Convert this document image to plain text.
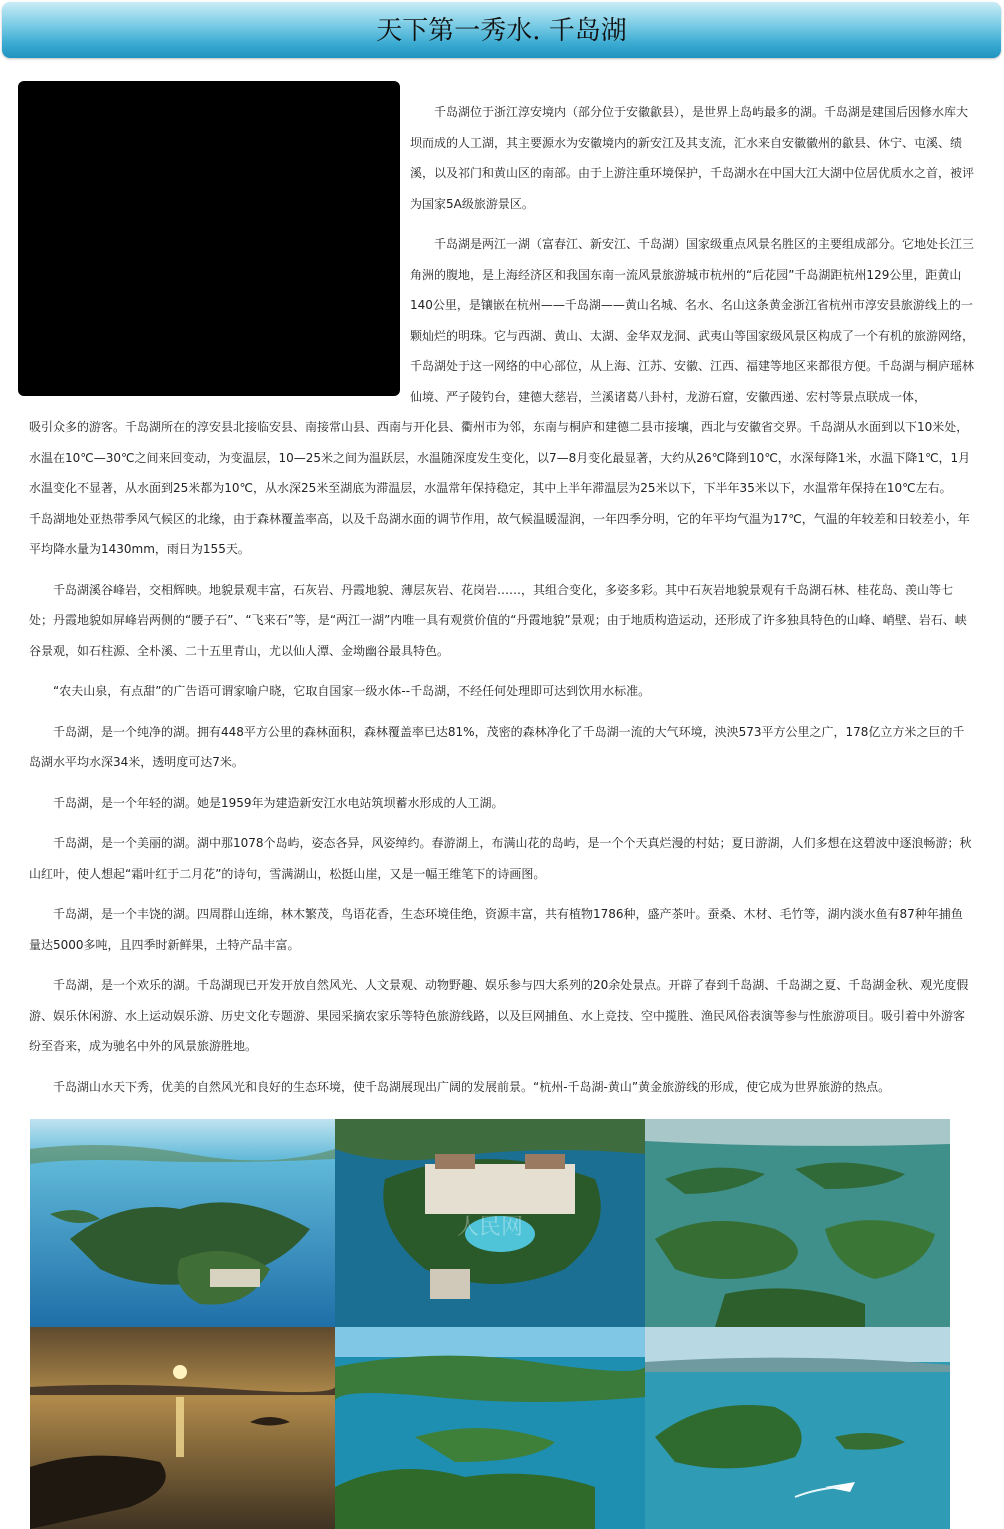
天下第一秀水. 千岛湖

千岛湖位于浙江淳安境内（部分位于安徽歙县），是世界上岛屿最多的湖。千岛湖是建国后因修水库大坝而成的人工湖，其主要源水为安徽境内的新安江及其支流，汇水来自安徽徽州的歙县、休宁、屯溪、绩溪，以及祁门和黄山区的南部。由于上游注重环境保护，千岛湖水在中国大江大湖中位居优质水之首，被评为国家5A级旅游景区。

千岛湖是两江一湖（富春江、新安江、千岛湖）国家级重点风景名胜区的主要组成部分。它地处长江三角洲的腹地，是上海经济区和我国东南一流风景旅游城市杭州的“后花园”千岛湖距杭州129公里，距黄山140公里，是镶嵌在杭州——千岛湖——黄山名城、名水、名山这条黄金浙江省杭州市淳安县旅游线上的一颗灿烂的明珠。它与西湖、黄山、太湖、金华双龙洞、武夷山等国家级风景区构成了一个有机的旅游网络，千岛湖处于这一网络的中心部位，从上海、江苏、安徽、江西、福建等地区来都很方便。千岛湖与桐庐瑶林仙境、严子陵钓台，建德大慈岩，兰溪诸葛八卦村，龙游石窟，安徽西递、宏村等景点联成一体，

吸引众多的游客。千岛湖所在的淳安县北接临安县、南接常山县、西南与开化县、衢州市为邻，东南与桐庐和建德二县市接壤，西北与安徽省交界。千岛湖从水面到以下10米处，水温在10℃—30℃之间来回变动，为变温层，10—25米之间为温跃层，水温随深度发生变化，以7—8月变化最显著，大约从26℃降到10℃，水深每降1米，水温下降1℃，1月水温变化不显著，从水面到25米都为10℃，从水深25米至湖底为滞温层，水温常年保持稳定，其中上半年滞温层为25米以下，下半年35米以下，水温常年保持在10℃左右。　　千岛湖地处亚热带季风气候区的北缘，由于森林覆盖率高，以及千岛湖水面的调节作用，故气候温暖湿润，一年四季分明，它的年平均气温为17℃，气温的年较差和日较差小，年平均降水量为1430mm，雨日为155天。

千岛湖溪谷峰岩，交相辉映。地貌景观丰富，石灰岩、丹霞地貌、薄层灰岩、花岗岩……，其组合变化，多姿多彩。其中石灰岩地貌景观有千岛湖石林、桂花岛、羡山等七处；丹霞地貌如屏峰岩两侧的“腰子石”、“飞来石”等，是“两江一湖”内唯一具有观赏价值的“丹霞地貌”景观；由于地质构造运动，还形成了许多独具特色的山峰、峭壁、岩石、峡谷景观，如石柱源、全朴溪、二十五里青山，尤以仙人潭、金坳幽谷最具特色。

“农夫山泉，有点甜”的广告语可谓家喻户晓，它取自国家一级水体--千岛湖，不经任何处理即可达到饮用水标准。

千岛湖，是一个纯净的湖。拥有448平方公里的森林面积，森林覆盖率已达81%，茂密的森林净化了千岛湖一流的大气环境，泱泱573平方公里之广，178亿立方米之巨的千岛湖水平均水深34米，透明度可达7米。

千岛湖，是一个年轻的湖。她是1959年为建造新安江水电站筑坝蓄水形成的人工湖。

千岛湖，是一个美丽的湖。湖中那1078个岛屿，姿态各异，风姿绰约。春游湖上，布满山花的岛屿，是一个个天真烂漫的村姑；夏日游湖，人们多想在这碧波中逐浪畅游；秋山红叶，使人想起“霜叶红于二月花”的诗句，雪满湖山，松挺山崖，又是一幅王维笔下的诗画图。

千岛湖，是一个丰饶的湖。四周群山连绵，林木繁茂，鸟语花香，生态环境佳绝，资源丰富，共有植物1786种，盛产茶叶。蚕桑、木材、毛竹等，湖内淡水鱼有87种年捕鱼量达5000多吨，且四季时新鲜果，土特产品丰富。

千岛湖，是一个欢乐的湖。千岛湖现已开发开放自然风光、人文景观、动物野趣、娱乐参与四大系列的20余处景点。开辟了春到千岛湖、千岛湖之夏、千岛湖金秋、观光度假游、娱乐休闲游、水上运动娱乐游、历史文化专题游、果园采摘农家乐等特色旅游线路，以及巨网捕鱼、水上竞技、空中揽胜、渔民风俗表演等参与性旅游项目。吸引着中外游客纷至沓来，成为驰名中外的风景旅游胜地。

千岛湖山水天下秀，优美的自然风光和良好的生态环境，使千岛湖展现出广阔的发展前景。“杭州-千岛湖-黄山”黄金旅游线的形成，使它成为世界旅游的热点。

人民网
